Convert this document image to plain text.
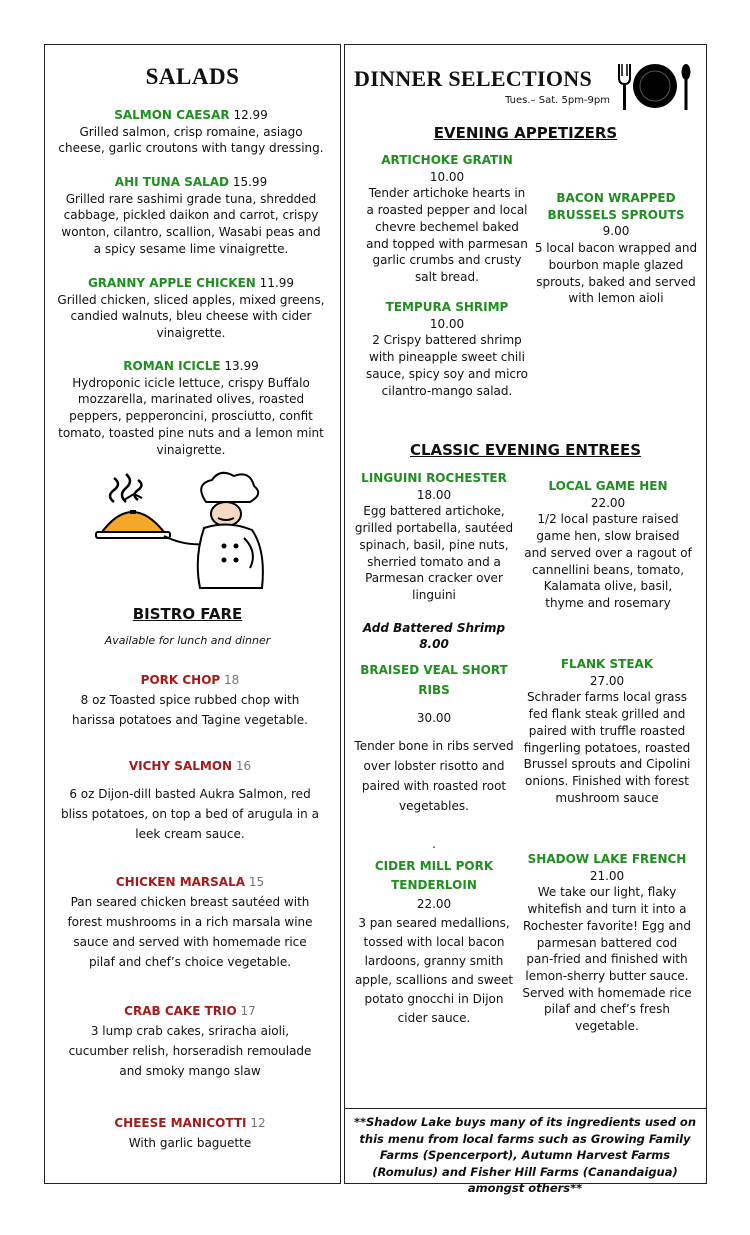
SALADS
SALMON CAESAR 12.99
Grilled salmon, crisp romaine, asiago cheese, garlic croutons with tangy dressing.
AHI TUNA SALAD 15.99
Grilled rare sashimi grade tuna, shredded cabbage, pickled daikon and carrot, crispy wonton, cilantro, scallion, Wasabi peas and a spicy sesame lime vinaigrette.
GRANNY APPLE CHICKEN 11.99
Grilled chicken, sliced apples, mixed greens, candied walnuts, bleu cheese with cider vinaigrette.
ROMAN ICICLE 13.99
Hydroponic icicle lettuce, crispy Buffalo mozzarella, marinated olives, roasted peppers, pepperoncini, prosciutto, confit tomato, toasted pine nuts and a lemon mint vinaigrette.
BISTRO FARE
Available for lunch and dinner
PORK CHOP 18
8 oz Toasted spice rubbed chop with harissa potatoes and Tagine vegetable.
VICHY SALMON 16
6 oz Dijon-dill basted Aukra Salmon, red bliss potatoes, on top a bed of arugula in a leek cream sauce.
CHICKEN MARSALA 15
Pan seared chicken breast sautéed with forest mushrooms in a rich marsala wine sauce and served with homemade rice pilaf and chef’s choice vegetable.
CRAB CAKE TRIO 17
3 lump crab cakes, sriracha aioli, cucumber relish, horseradish remoulade and smoky mango slaw
CHEESE MANICOTTI 12
With garlic baguette
DINNER SELECTIONS
Tues.– Sat. 5pm-9pm
EVENING APPETIZERS
ARTICHOKE GRATIN
10.00
Tender artichoke hearts in a roasted pepper and local chevre bechemel baked and topped with parmesan garlic crumbs and crusty salt bread.
BACON WRAPPED BRUSSELS SPROUTS
9.00
5 local bacon wrapped and bourbon maple glazed sprouts, baked and served with lemon aioli
TEMPURA SHRIMP
10.00
2 Crispy battered shrimp with pineapple sweet chili sauce, spicy soy and micro cilantro-mango salad.
CLASSIC EVENING ENTREES
LINGUINI ROCHESTER
18.00
Egg battered artichoke, grilled portabella, sautéed spinach, basil, pine nuts, sherried tomato and a Parmesan cracker over linguini
Add Battered Shrimp 8.00
LOCAL GAME HEN
22.00
1/2 local pasture raised game hen, slow braised and served over a ragout of cannellini beans, tomato, Kalamata olive, basil, thyme and rosemary
BRAISED VEAL SHORT RIBS
30.00
Tender bone in ribs served over lobster risotto and paired with roasted root vegetables.
.
FLANK STEAK
27.00
Schrader farms local grass fed flank steak grilled and paired with truffle roasted fingerling potatoes, roasted Brussel sprouts and Cipolini onions. Finished with forest mushroom sauce
CIDER MILL PORK TENDERLOIN
22.00
3 pan seared medallions, tossed with local bacon lardoons, granny smith apple, scallions and sweet potato gnocchi in Dijon cider sauce.
SHADOW LAKE FRENCH
21.00
We take our light, flaky whitefish and turn it into a Rochester favorite! Egg and parmesan battered cod pan-fried and finished with lemon-sherry butter sauce. Served with homemade rice pilaf and chef’s fresh vegetable.
**Shadow Lake buys many of its ingredients used on this menu from local farms such as Growing Family Farms (Spencerport), Autumn Harvest Farms (Romulus) and Fisher Hill Farms (Canandaigua) amongst others**
